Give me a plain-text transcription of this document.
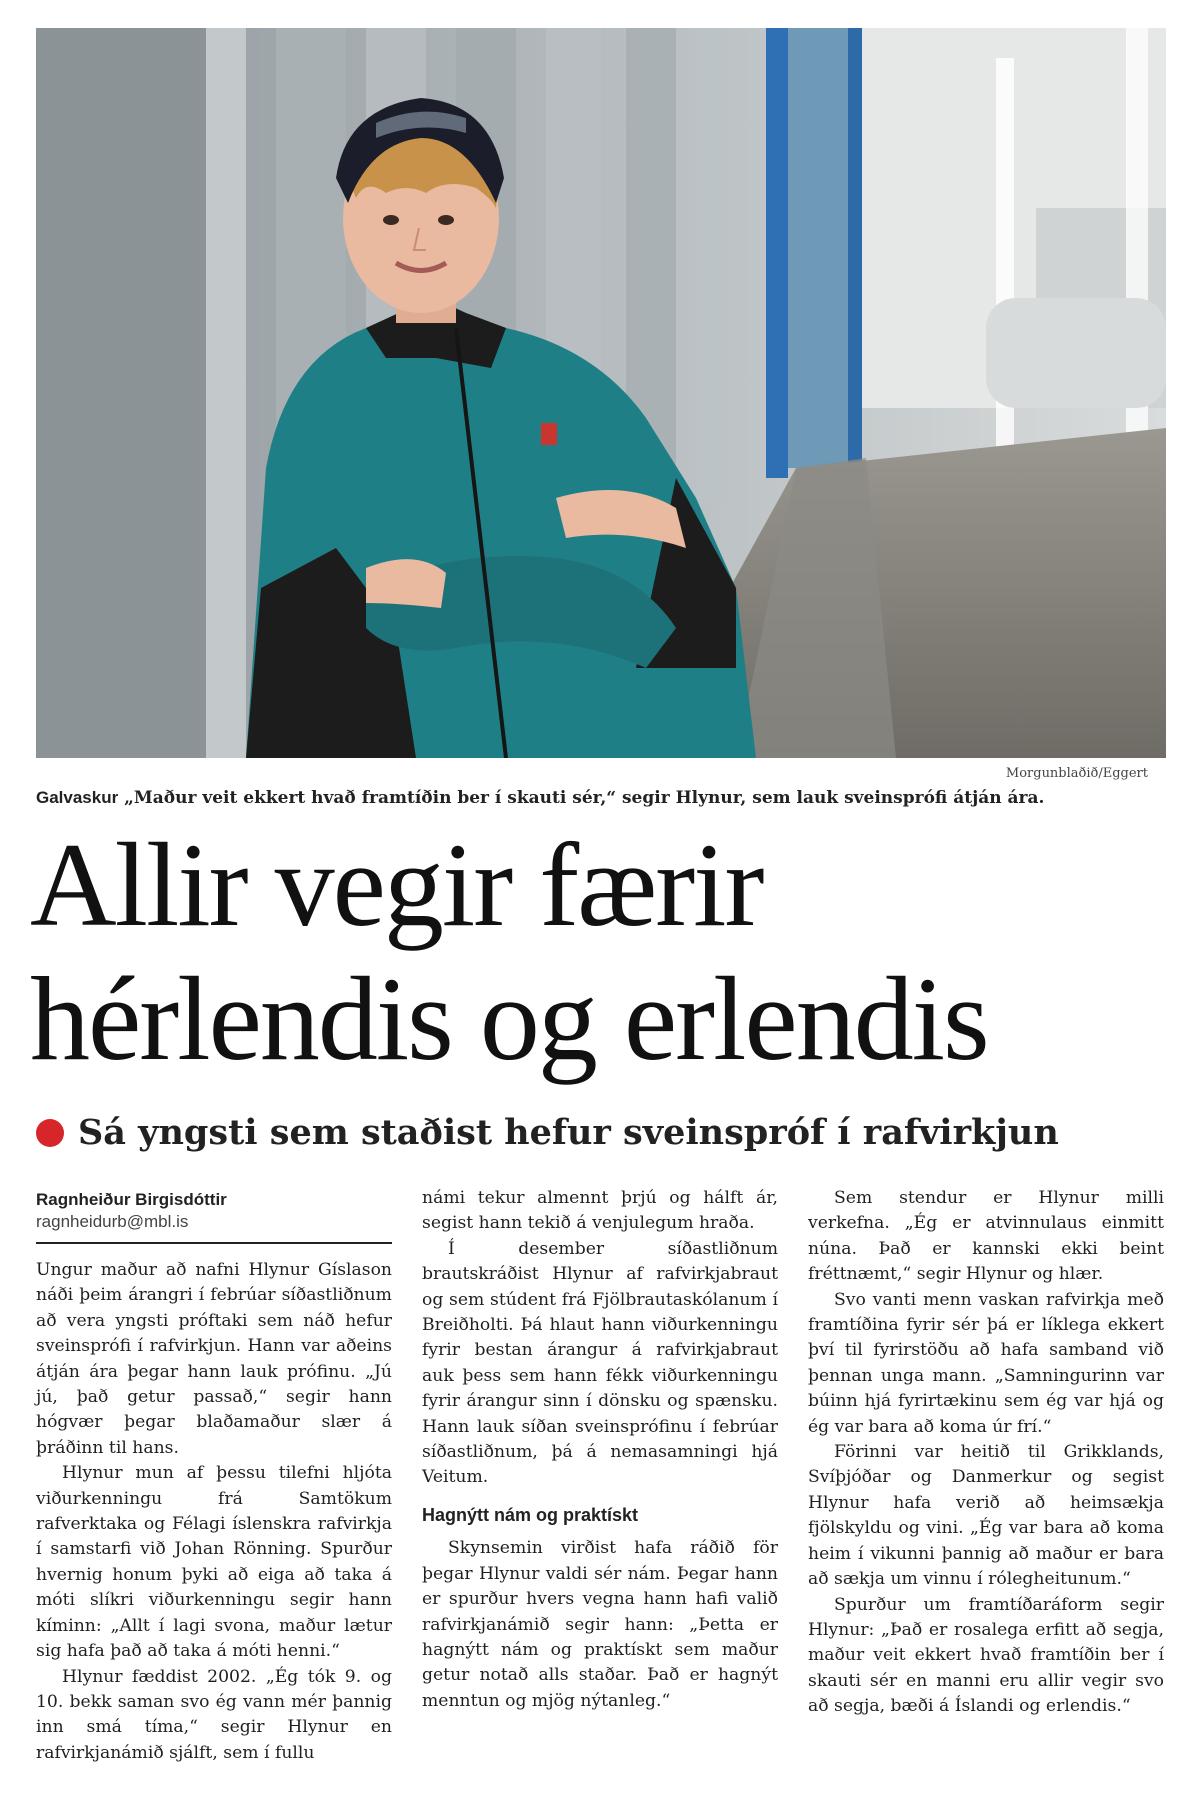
Morgunblaðið/Eggert
Galvaskur „Maður veit ekkert hvað framtíðin ber í skauti sér,“ segir Hlynur, sem lauk sveinsprófi átján ára.
Allir vegir færir
hérlendis og erlendis
Sá yngsti sem staðist hefur sveinspróf í rafvirkjun
Ragnheiður Birgisdóttir
ragnheidurb@mbl.is

Ungur maður að nafni Hlynur Gíslason náði þeim árangri í febrúar síðastliðnum að vera yngsti próftaki sem náð hefur sveinsprófi í rafvirkjun. Hann var aðeins átján ára þegar hann lauk prófinu. „Jú jú, það getur passað,“ segir hann hógvær þegar blaðamaður slær á þráðinn til hans.

Hlynur mun af þessu tilefni hljóta viðurkenningu frá Samtökum rafverktaka og Félagi íslenskra rafvirkja í samstarfi við Johan Rönning. Spurður hvernig honum þyki að eiga að taka á móti slíkri viðurkenningu segir hann kíminn: „Allt í lagi svona, maður lætur sig hafa það að taka á móti henni.“

Hlynur fæddist 2002. „Ég tók 9. og 10. bekk saman svo ég vann mér þannig inn smá tíma,“ segir Hlynur en rafvirkjanámið sjálft, sem í fullu

námi tekur almennt þrjú og hálft ár, segist hann tekið á venjulegum hraða.

Í desember síðastliðnum brautskráðist Hlynur af rafvirkjabraut og sem stúdent frá Fjölbrautaskólanum í Breiðholti. Þá hlaut hann viðurkenningu fyrir bestan árangur á rafvirkjabraut auk þess sem hann fékk viðurkenningu fyrir árangur sinn í dönsku og spænsku. Hann lauk síðan sveinsprófinu í febrúar síðastliðnum, þá á nemasamningi hjá Veitum.

Hagnýtt nám og praktískt

Skynsemin virðist hafa ráðið för þegar Hlynur valdi sér nám. Þegar hann er spurður hvers vegna hann hafi valið rafvirkjanámið segir hann: „Þetta er hagnýtt nám og praktískt sem maður getur notað alls staðar. Það er hagnýt menntun og mjög nýtanleg.“

Sem stendur er Hlynur milli verkefna. „Ég er atvinnulaus einmitt núna. Það er kannski ekki beint fréttnæmt,“ segir Hlynur og hlær.

Svo vanti menn vaskan rafvirkja með framtíðina fyrir sér þá er líklega ekkert því til fyrirstöðu að hafa samband við þennan unga mann. „Samningurinn var búinn hjá fyrirtækinu sem ég var hjá og ég var bara að koma úr frí.“

Förinni var heitið til Grikklands, Svíþjóðar og Danmerkur og segist Hlynur hafa verið að heimsækja fjölskyldu og vini. „Ég var bara að koma heim í vikunni þannig að maður er bara að sækja um vinnu í rólegheitunum.“

Spurður um framtíðaráform segir Hlynur: „Það er rosalega erfitt að segja, maður veit ekkert hvað framtíðin ber í skauti sér en manni eru allir vegir svo að segja, bæði á Íslandi og erlendis.“
